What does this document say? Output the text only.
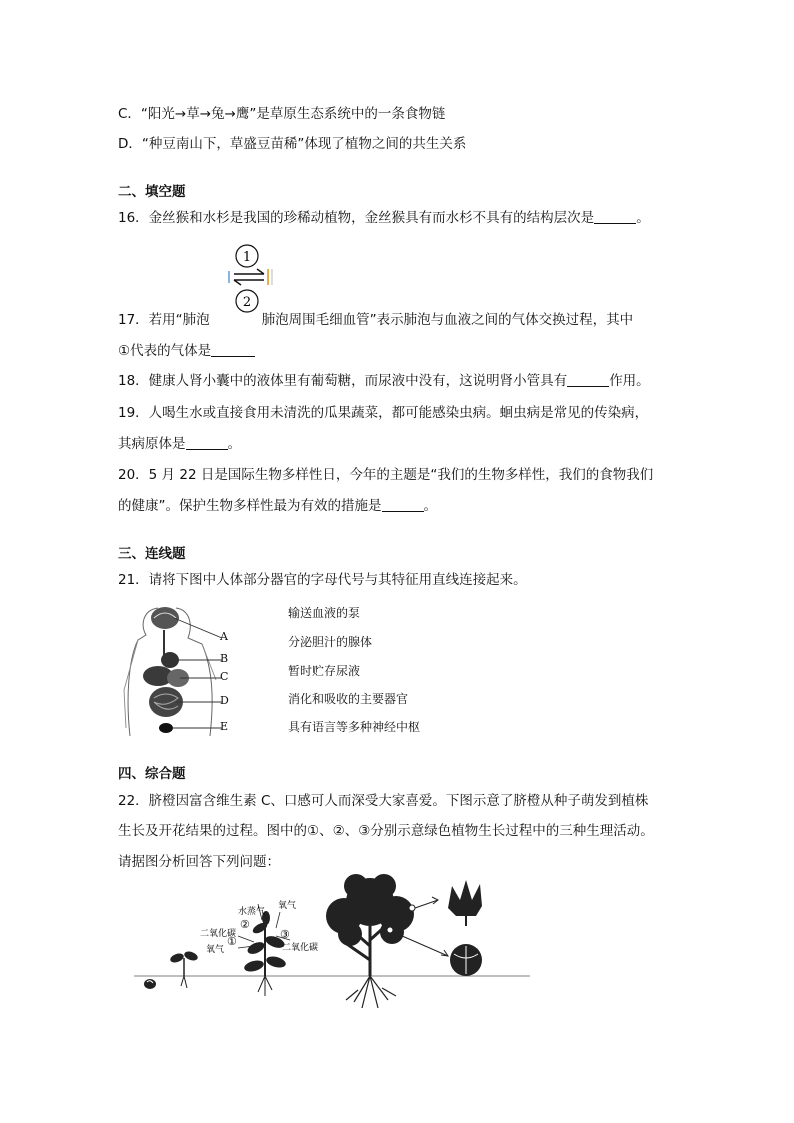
C．“阳光→草→兔→鹰”是草原生态系统中的一条食物链
D．“种豆南山下，草盛豆苗稀”体现了植物之间的共生关系
二、填空题
16．金丝猴和水杉是我国的珍稀动植物，金丝猴具有而水杉不具有的结构层次是	。
1
2
17．若用“肺泡	肺泡周围毛细血管”表示肺泡与血液之间的气体交换过程，其中
①代表的气体是
18．健康人肾小囊中的液体里有葡萄糖，而尿液中没有，这说明肾小管具有	作用。
19．人喝生水或直接食用未清洗的瓜果蔬菜，都可能感染虫病。蛔虫病是常见的传染病，
其病原体是	。
20．5 月 22 日是国际生物多样性日，今年的主题是“我们的生物多样性，我们的食物我们
的健康”。保护生物多样性最为有效的措施是	。
三、连线题
21．请将下图中人体部分器官的字母代号与其特征用直线连接起来。
A
B
C
D
E
输送血液的泵
分泌胆汁的腺体
暂时贮存尿液
消化和吸收的主要器官
具有语言等多种神经中枢
四、综合题
22．脐橙因富含维生素 C、口感可人而深受大家喜爱。下图示意了脐橙从种子萌发到植株
生长及开花结果的过程。图中的①、②、③分别示意绿色植物生长过程中的三种生理活动。
请据图分析回答下列问题：
水蒸气
二氧化碳
氧气
氧气
二氧化碳
①
②
③
